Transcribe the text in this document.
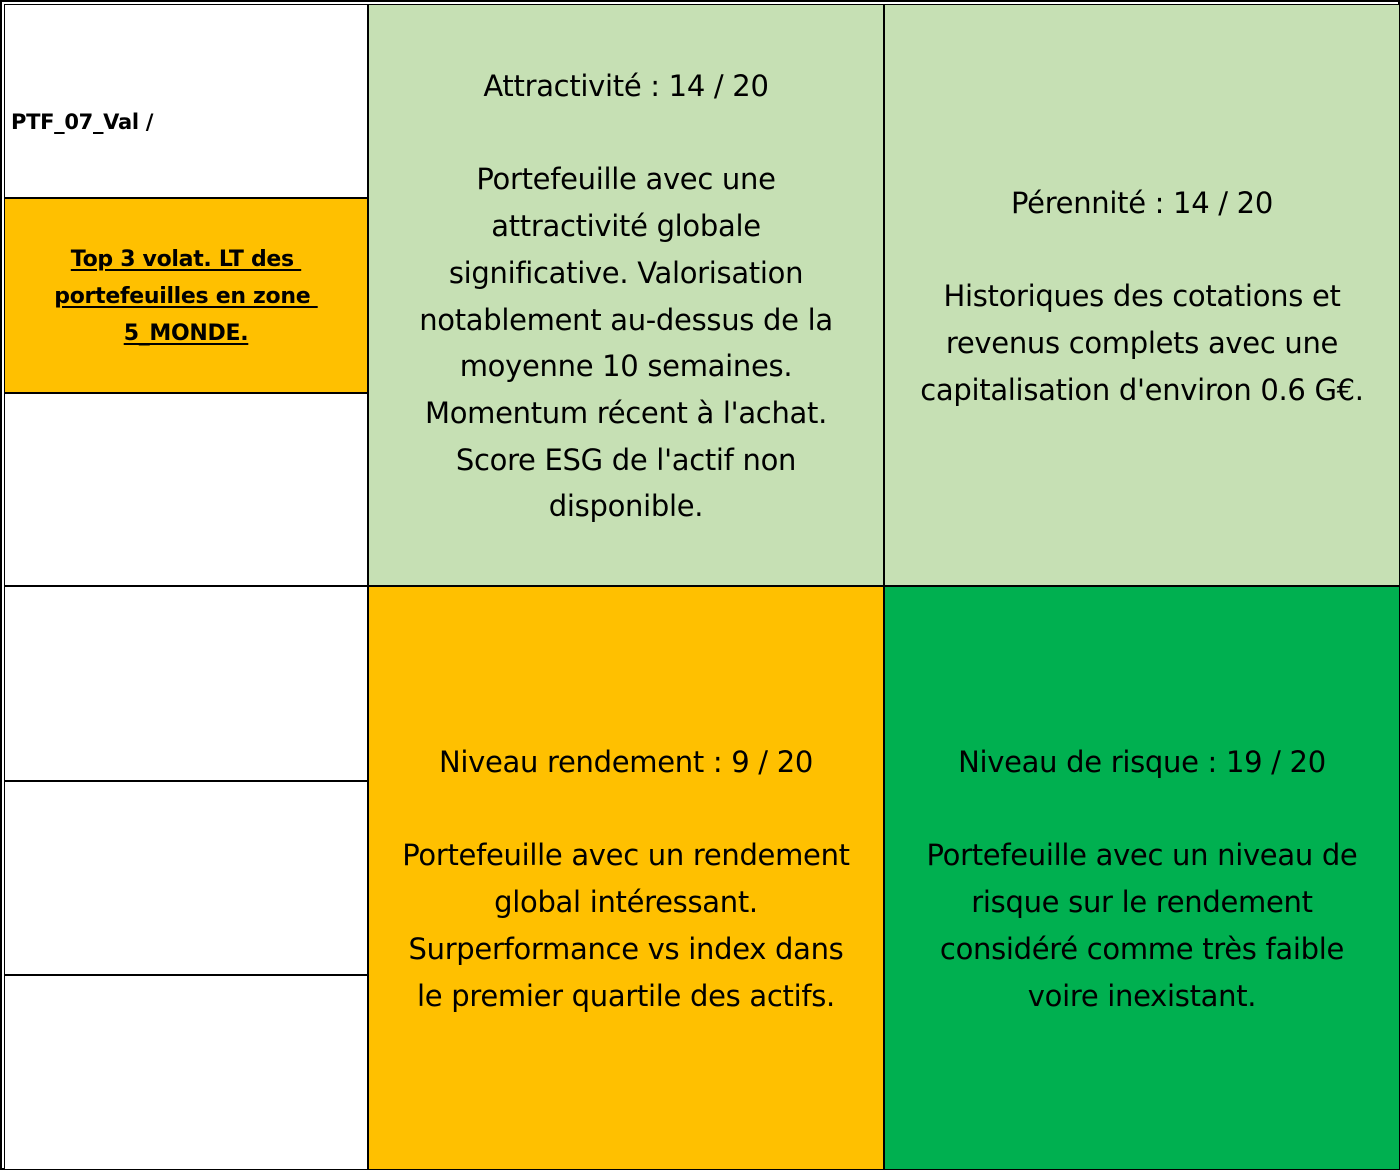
PTF_07_Val /

Top 3 volat. LT des
portefeuilles en zone
5_MONDE.
Attractivité : 14 / 20
Portefeuille avec une
attractivité globale
significative. Valorisation
notablement au-dessus de la
moyenne 10 semaines.
Momentum récent à l'achat.
Score ESG de l'actif non
disponible.
Pérennité : 14 / 20
Historiques des cotations et
revenus complets avec une
capitalisation d'environ 0.6 G€.
Niveau rendement : 9 / 20
Portefeuille avec un rendement
global intéressant.
Surperformance vs index dans
le premier quartile des actifs.
Niveau de risque : 19 / 20
Portefeuille avec un niveau de
risque sur le rendement
considéré comme très faible
voire inexistant.
